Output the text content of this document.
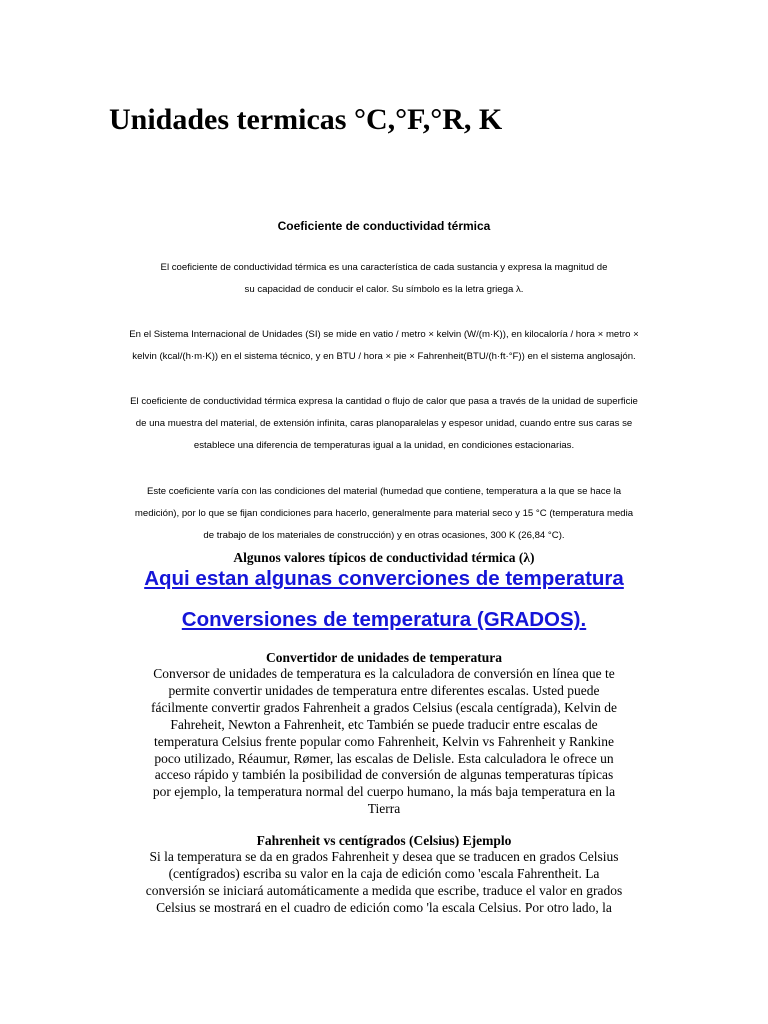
Unidades termicas °C,°F,°R, K
Coeficiente de conductividad térmica

El coeficiente de conductividad térmica es una característica de cada sustancia y expresa la magnitud de

su capacidad de conducir el calor. Su símbolo es la letra griega λ.

En el Sistema Internacional de Unidades (SI) se mide en vatio / metro × kelvin (W/(m·K)), en kilocaloría / hora × metro ×

kelvin (kcal/(h·m·K)) en el sistema técnico, y en BTU / hora × pie × Fahrenheit(BTU/(h·ft·°F)) en el sistema anglosajón.

El coeficiente de conductividad térmica expresa la cantidad o flujo de calor que pasa a través de la unidad de superficie

de una muestra del material, de extensión infinita, caras planoparalelas y espesor unidad, cuando entre sus caras se

establece una diferencia de temperaturas igual a la unidad, en condiciones estacionarias.

Este coeficiente varía con las condiciones del material (humedad que contiene, temperatura a la que se hace la

medición), por lo que se fijan condiciones para hacerlo, generalmente para material seco y 15 °C (temperatura media

de trabajo de los materiales de construcción) y en otras ocasiones, 300 K (26,84 °C).

Algunos valores típicos de conductividad térmica (λ)
Aqui estan algunas converciones de temperatura
Conversiones de temperatura (GRADOS).
Convertidor de unidades de temperatura
Conversor de unidades de temperatura es la calculadora de conversión en línea que te
permite convertir unidades de temperatura entre diferentes escalas. Usted puede
fácilmente convertir grados Fahrenheit a grados Celsius (escala centígrada), Kelvin de
Fahreheit, Newton a Fahrenheit, etc También se puede traducir entre escalas de
temperatura Celsius frente popular como Fahrenheit, Kelvin vs Fahrenheit y Rankine
poco utilizado, Réaumur, Rømer, las escalas de Delisle. Esta calculadora le ofrece un
acceso rápido y también la posibilidad de conversión de algunas temperaturas típicas
por ejemplo, la temperatura normal del cuerpo humano, la más baja temperatura en la
Tierra
Fahrenheit vs centígrados (Celsius) Ejemplo
Si la temperatura se da en grados Fahrenheit y desea que se traducen en grados Celsius
(centígrados) escriba su valor en la caja de edición como 'escala Fahrentheit. La
conversión se iniciará automáticamente a medida que escribe, traduce el valor en grados
Celsius se mostrará en el cuadro de edición como 'la escala Celsius. Por otro lado, la
